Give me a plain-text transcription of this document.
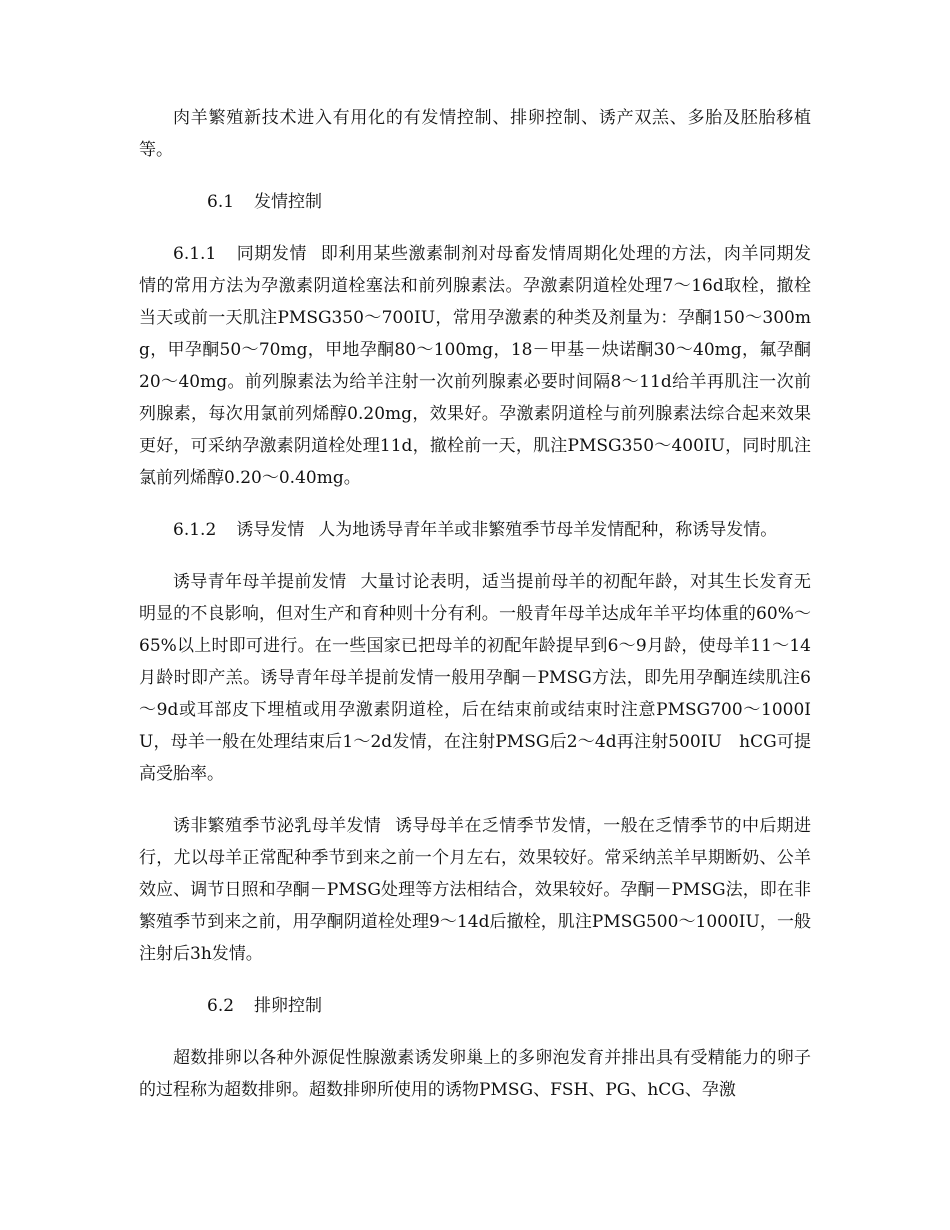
肉羊繁殖新技术进入有用化的有发情控制、排卵控制、诱产双羔、多胎及胚胎移植等。

6.1 发情控制

6.1.1 同期发情 即利用某些激素制剂对母畜发情周期化处理的方法，肉羊同期发情的常用方法为孕激素阴道栓塞法和前列腺素法。孕激素阴道栓处理7～16d取栓，撤栓当天或前一天肌注PMSG350～700IU，常用孕激素的种类及剂量为：孕酮150～300mg，甲孕酮50～70mg，甲地孕酮80～100mg，18－甲基－炔诺酮30～40mg，氟孕酮20～40mg。前列腺素法为给羊注射一次前列腺素必要时间隔8～11d给羊再肌注一次前列腺素，每次用氯前列烯醇0.20mg，效果好。孕激素阴道栓与前列腺素法综合起来效果更好，可采纳孕激素阴道栓处理11d，撤栓前一天，肌注PMSG350～400IU，同时肌注氯前列烯醇0.20～0.40mg。

6.1.2 诱导发情 人为地诱导青年羊或非繁殖季节母羊发情配种，称诱导发情。

诱导青年母羊提前发情 大量讨论表明，适当提前母羊的初配年龄，对其生长发育无明显的不良影响，但对生产和育种则十分有利。一般青年母羊达成年羊平均体重的60%～65%以上时即可进行。在一些国家已把母羊的初配年龄提早到6～9月龄，使母羊11～14月龄时即产羔。诱导青年母羊提前发情一般用孕酮－PMSG方法，即先用孕酮连续肌注6～9d或耳部皮下埋植或用孕激素阴道栓，后在结束前或结束时注意PMSG700～1000IU，母羊一般在处理结束后1～2d发情，在注射PMSG后2～4d再注射500IU　hCG可提高受胎率。

诱非繁殖季节泌乳母羊发情 诱导母羊在乏情季节发情，一般在乏情季节的中后期进行，尤以母羊正常配种季节到来之前一个月左右，效果较好。常采纳羔羊早期断奶、公羊效应、调节日照和孕酮－PMSG处理等方法相结合，效果较好。孕酮－PMSG法，即在非繁殖季节到来之前，用孕酮阴道栓处理9～14d后撤栓，肌注PMSG500～1000IU，一般注射后3h发情。

6.2 排卵控制

超数排卵以各种外源促性腺激素诱发卵巢上的多卵泡发育并排出具有受精能力的卵子的过程称为超数排卵。超数排卵所使用的诱物PMSG、FSH、PG、hCG、孕激
